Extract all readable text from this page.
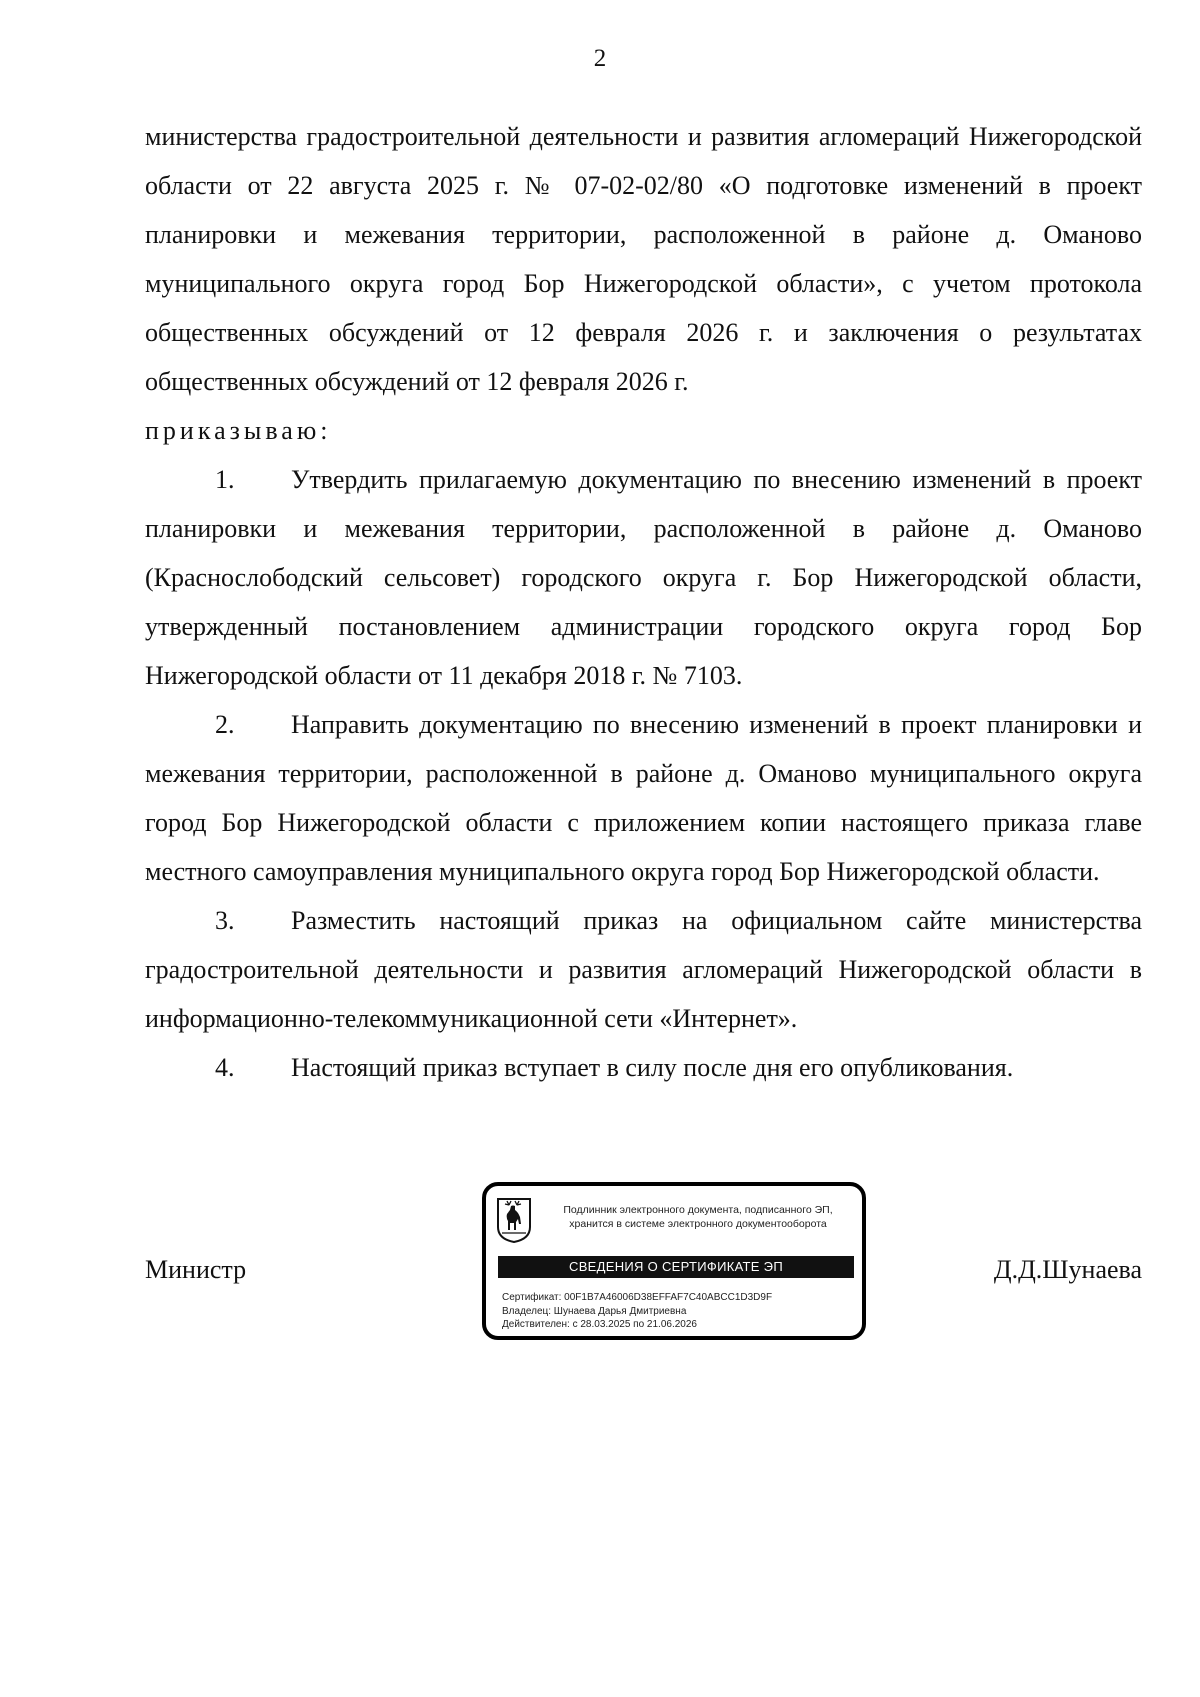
2

министерства градостроительной деятельности и развития агломераций Нижегородской области от 22 августа 2025 г. № 07-02-02/80 «О подготовке изменений в проект планировки и межевания территории, расположенной в районе д. Оманово муниципального округа город Бор Нижегородской области», с учетом протокола общественных обсуждений от 12 февраля 2026 г. и заключения о результатах общественных обсуждений от 12 февраля 2026 г.

приказываю:

1. Утвердить прилагаемую документацию по внесению изменений в проект планировки и межевания территории, расположенной в районе д. Оманово (Краснослободский сельсовет) городского округа г. Бор Нижегородской области, утвержденный постановлением администрации городского округа город Бор Нижегородской области от 11 декабря 2018 г. № 7103.

2. Направить документацию по внесению изменений в проект планировки и межевания территории, расположенной в районе д. Оманово муниципального округа город Бор Нижегородской области с приложением копии настоящего приказа главе местного самоуправления муниципального округа город Бор Нижегородской области.

3. Разместить настоящий приказ на официальном сайте министерства градостроительной деятельности и развития агломераций Нижегородской области в информационно-телекоммуникационной сети «Интернет».

4. Настоящий приказ вступает в силу после дня его опубликования.

Министр	Д.Д.Шунаева
Подлинник электронного документа, подписанного ЭП,
хранится в системе электронного документооборота
СВЕДЕНИЯ О СЕРТИФИКАТЕ ЭП
Сертификат: 00F1B7A46006D38EFFAF7C40ABCC1D3D9F
Владелец: Шунаева Дарья Дмитриевна
Действителен: с 28.03.2025 по 21.06.2026
